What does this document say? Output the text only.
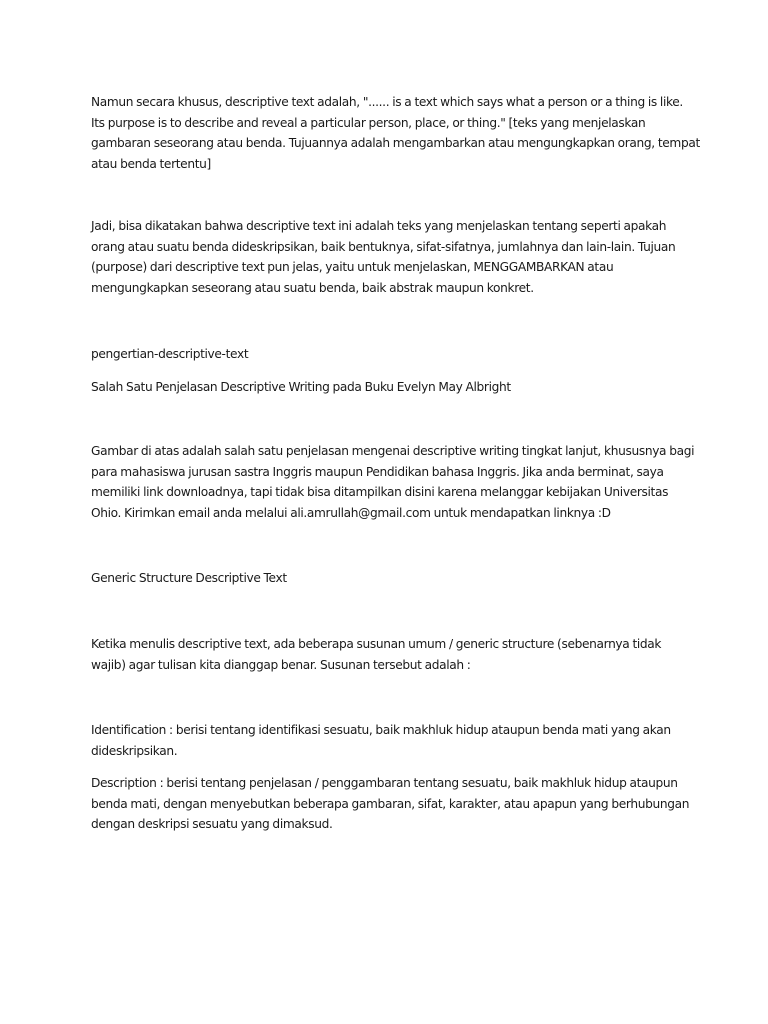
Namun secara khusus, descriptive text adalah, "...... is a text which says what a person or a thing is like.
Its purpose is to describe and reveal a particular person, place, or thing." [teks yang menjelaskan
gambaran seseorang atau benda. Tujuannya adalah mengambarkan atau mengungkapkan orang, tempat
atau benda tertentu]

Jadi, bisa dikatakan bahwa descriptive text ini adalah teks yang menjelaskan tentang seperti apakah
orang atau suatu benda dideskripsikan, baik bentuknya, sifat-sifatnya, jumlahnya dan lain-lain. Tujuan
(purpose) dari descriptive text pun jelas, yaitu untuk menjelaskan, MENGGAMBARKAN atau
mengungkapkan seseorang atau suatu benda, baik abstrak maupun konkret.

pengertian-descriptive-text

Salah Satu Penjelasan Descriptive Writing pada Buku Evelyn May Albright

Gambar di atas adalah salah satu penjelasan mengenai descriptive writing tingkat lanjut, khususnya bagi
para mahasiswa jurusan sastra Inggris maupun Pendidikan bahasa Inggris. Jika anda berminat, saya
memiliki link downloadnya, tapi tidak bisa ditampilkan disini karena melanggar kebijakan Universitas
Ohio. Kirimkan email anda melalui ali.amrullah@gmail.com untuk mendapatkan linknya :D

Generic Structure Descriptive Text

Ketika menulis descriptive text, ada beberapa susunan umum / generic structure (sebenarnya tidak
wajib) agar tulisan kita dianggap benar. Susunan tersebut adalah :

Identification : berisi tentang identifikasi sesuatu, baik makhluk hidup ataupun benda mati yang akan
dideskripsikan.

Description : berisi tentang penjelasan / penggambaran tentang sesuatu, baik makhluk hidup ataupun
benda mati, dengan menyebutkan beberapa gambaran, sifat, karakter, atau apapun yang berhubungan
dengan deskripsi sesuatu yang dimaksud.
